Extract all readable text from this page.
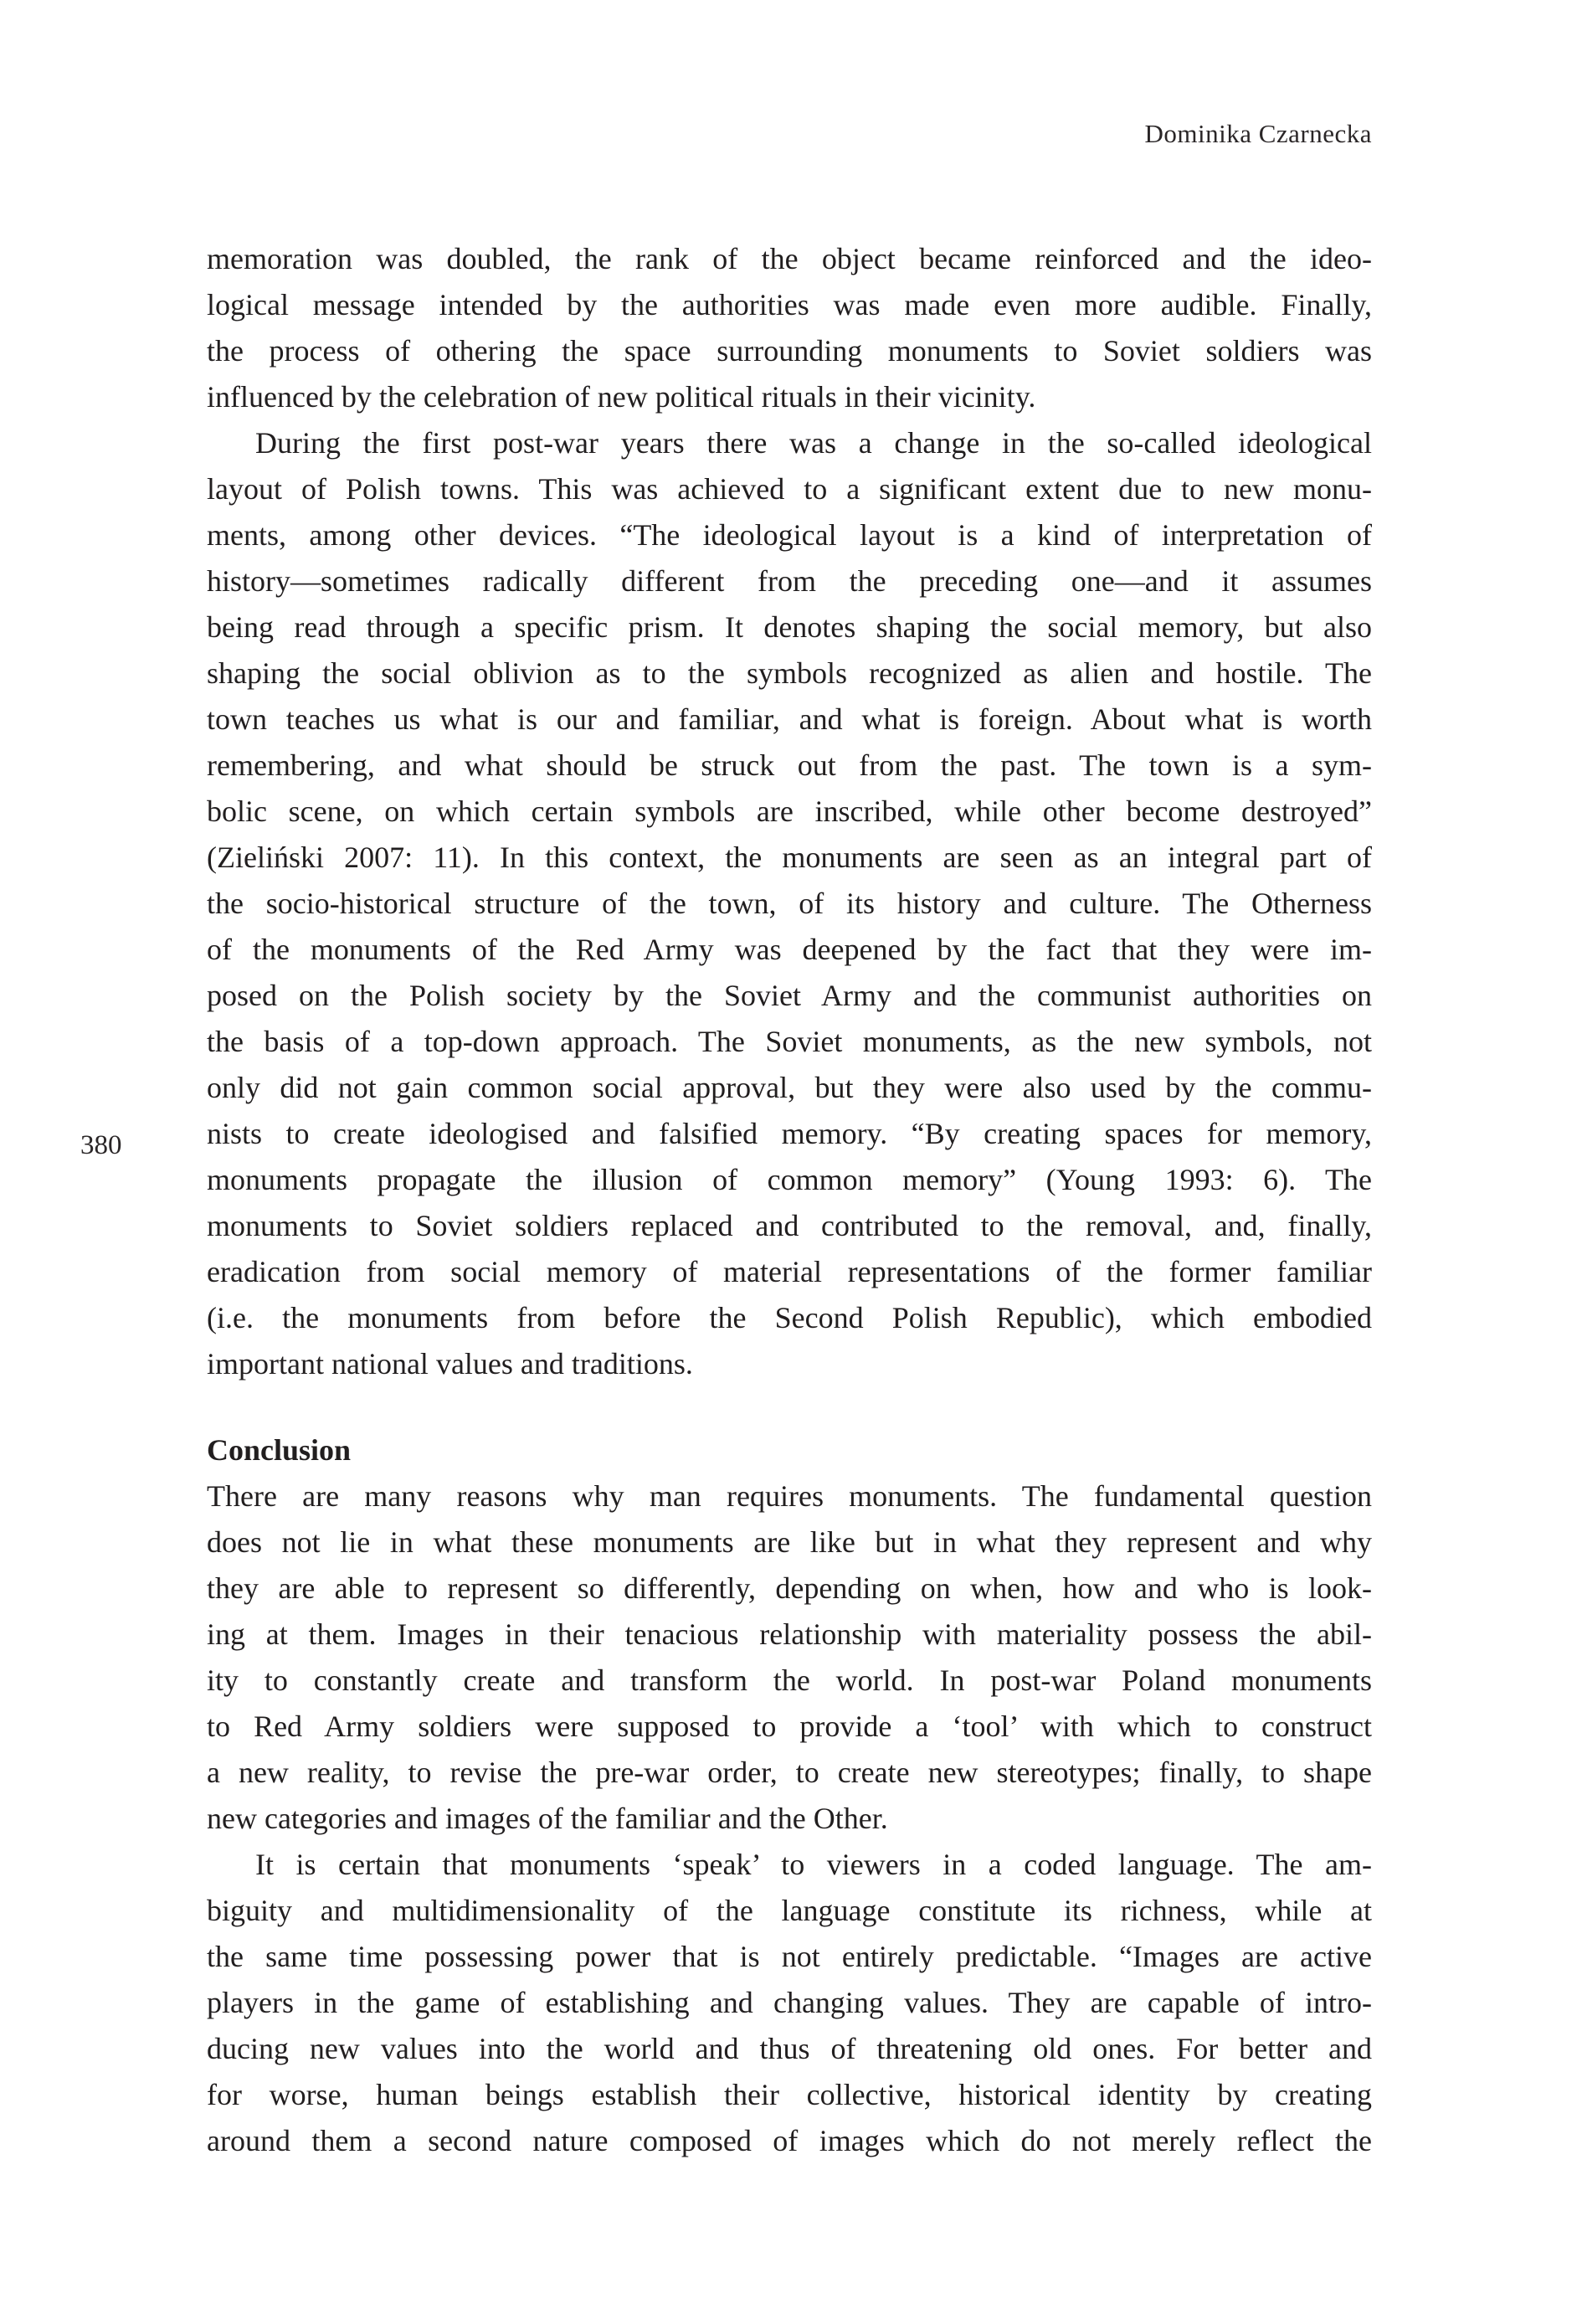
Dominika Czarnecka
380
memoration was doubled, the rank of the object became reinforced and the ideo-
logical message intended by the authorities was made even more audible. Finally,
the process of othering the space surrounding monuments to Soviet soldiers was
influenced by the celebration of new political rituals in their vicinity.
During the first post-war years there was a change in the so-called ideological
layout of Polish towns. This was achieved to a significant extent due to new monu-
ments, among other devices. “The ideological layout is a kind of interpretation of
history—sometimes radically different from the preceding one—and it assumes
being read through a specific prism. It denotes shaping the social memory, but also
shaping the social oblivion as to the symbols recognized as alien and hostile. The
town teaches us what is our and familiar, and what is foreign. About what is worth
remembering, and what should be struck out from the past. The town is a sym-
bolic scene, on which certain symbols are inscribed, while other become destroyed”
(Zieliński 2007: 11). In this context, the monuments are seen as an integral part of
the socio-historical structure of the town, of its history and culture. The Otherness
of the monuments of the Red Army was deepened by the fact that they were im-
posed on the Polish society by the Soviet Army and the communist authorities on
the basis of a top-down approach. The Soviet monuments, as the new symbols, not
only did not gain common social approval, but they were also used by the commu-
nists to create ideologised and falsified memory. “By creating spaces for memory,
monuments propagate the illusion of common memory” (Young 1993: 6). The
monuments to Soviet soldiers replaced and contributed to the removal, and, finally,
eradication from social memory of material representations of the former familiar
(i.e. the monuments from before the Second Polish Republic), which embodied
important national values and traditions.
Conclusion
There are many reasons why man requires monuments. The fundamental question
does not lie in what these monuments are like but in what they represent and why
they are able to represent so differently, depending on when, how and who is look-
ing at them. Images in their tenacious relationship with materiality possess the abil-
ity to constantly create and transform the world. In post-war Poland monuments
to Red Army soldiers were supposed to provide a ‘tool’ with which to construct
a new reality, to revise the pre-war order, to create new stereotypes; finally, to shape
new categories and images of the familiar and the Other.
It is certain that monuments ‘speak’ to viewers in a coded language. The am-
biguity and multidimensionality of the language constitute its richness, while at
the same time possessing power that is not entirely predictable. “Images are active
players in the game of establishing and changing values. They are capable of intro-
ducing new values into the world and thus of threatening old ones. For better and
for worse, human beings establish their collective, historical identity by creating
around them a second nature composed of images which do not merely reflect the
